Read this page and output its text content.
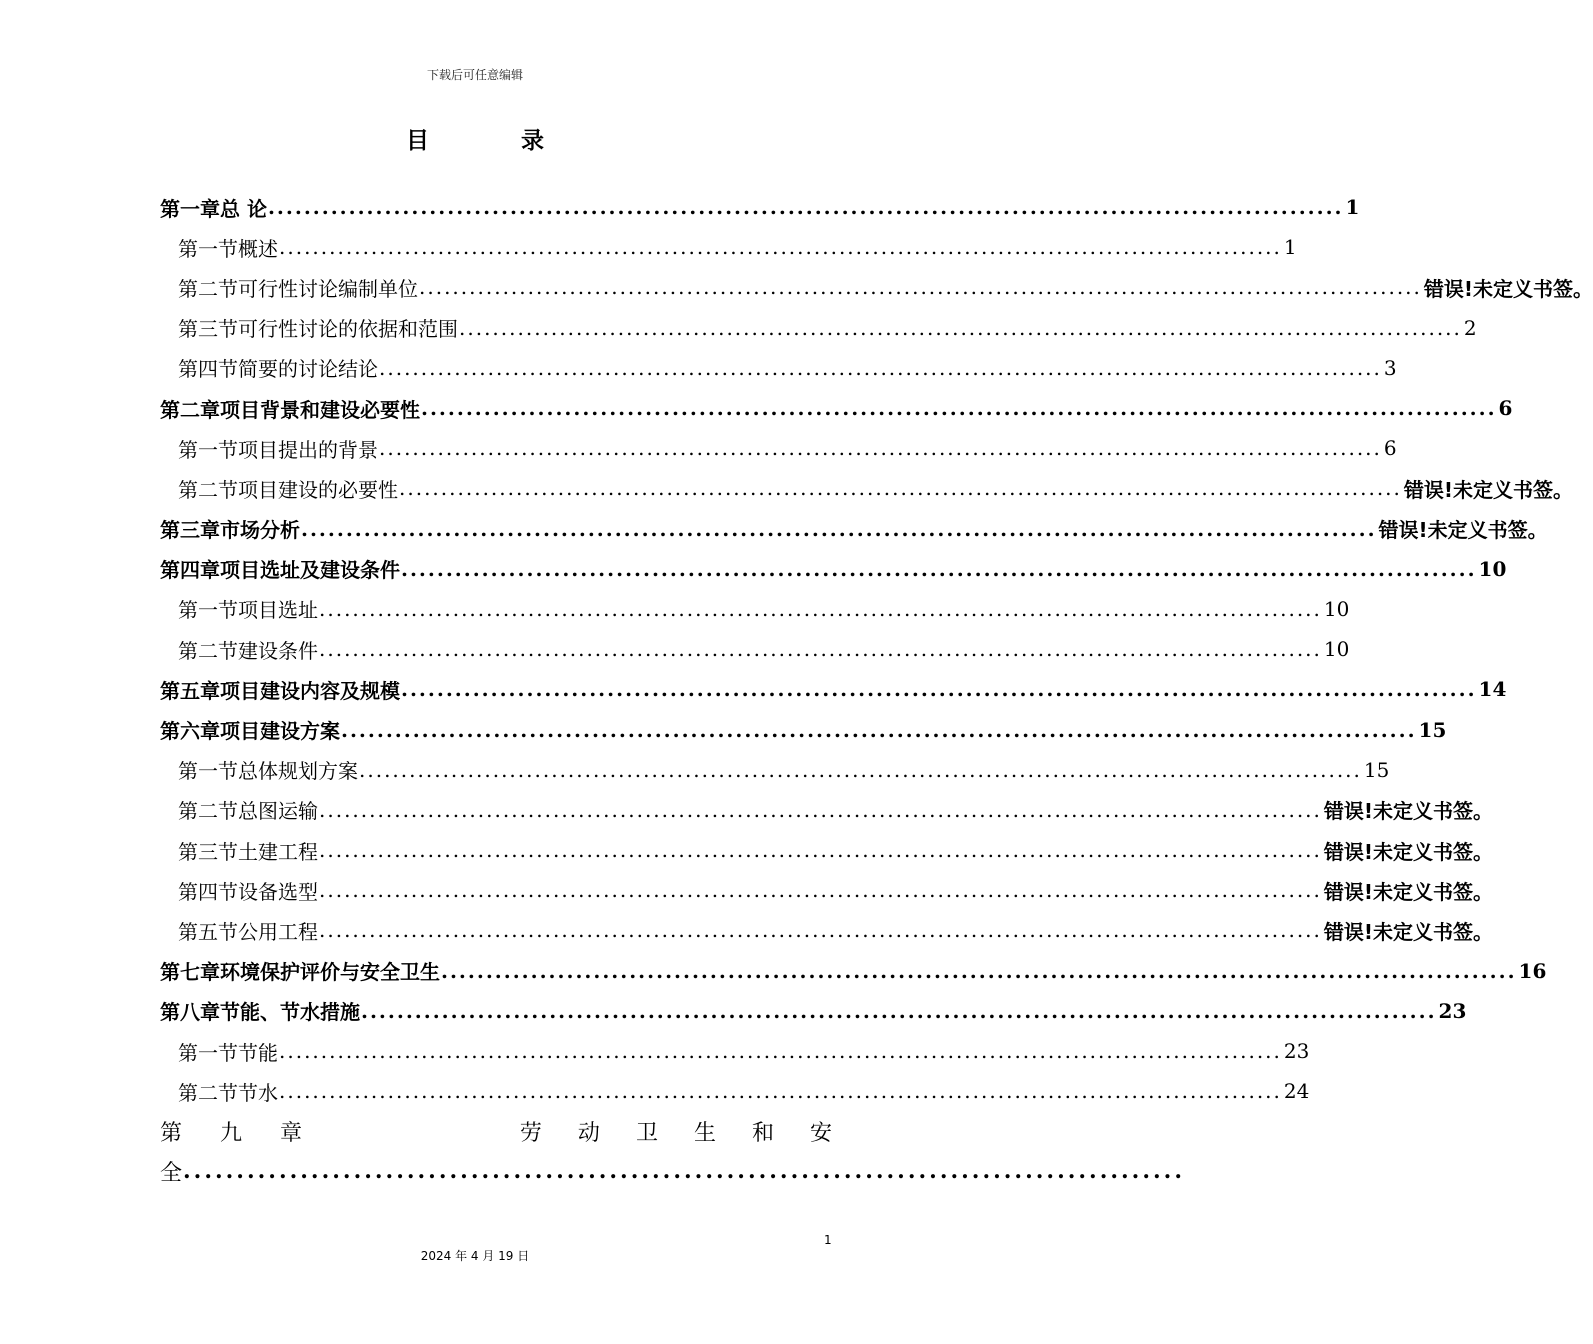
下载后可任意编辑
目 录
第一章 总 论 ........................................................................................................................ 1
第一节 概述 ........................................................................................................................ 1
第二节 可行性讨论编制单位 ........................................................................................................................ 错误!未定义书签。
第三节 可行性讨论的依据和范围 ........................................................................................................................ 2
第四节 简要的讨论结论 ........................................................................................................................ 3
第二章 项目背景和建设必要性 ........................................................................................................................ 6
第一节 项目提出的背景 ........................................................................................................................ 6
第二节 项目建设的必要性 ........................................................................................................................ 错误!未定义书签。
第三章 市场分析 ........................................................................................................................ 错误!未定义书签。
第四章 项目选址及建设条件 ........................................................................................................................ 10
第一节 项目选址 ........................................................................................................................ 10
第二节 建设条件 ........................................................................................................................ 10
第五章 项目建设内容及规模 ........................................................................................................................ 14
第六章 项目建设方案 ........................................................................................................................ 15
第一节 总体规划方案 ........................................................................................................................ 15
第二节 总图运输 ........................................................................................................................ 错误!未定义书签。
第三节 土建工程 ........................................................................................................................ 错误!未定义书签。
第四节 设备选型 ........................................................................................................................ 错误!未定义书签。
第五节 公用工程 ........................................................................................................................ 错误!未定义书签。
第七章 环境保护评价与安全卫生 ........................................................................................................................ 16
第八章 节能、节水措施 ........................................................................................................................ 23
第一节 节能 ........................................................................................................................ 23
第二节 节水 ........................................................................................................................ 24
第 九 章	劳 动 卫 生 和 安
全 ..............................................................................................
1
2024 年 4 月 19 日
